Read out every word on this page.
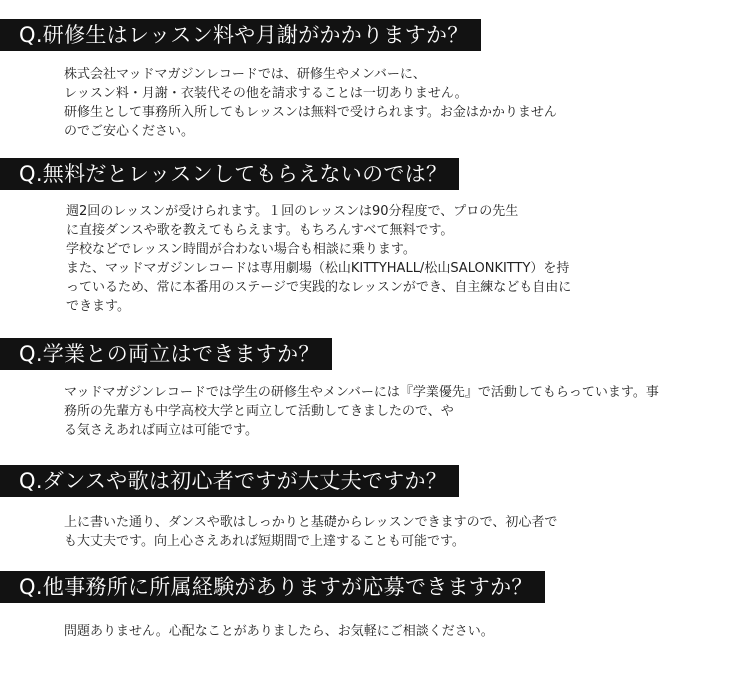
Q.研修生はレッスン料や月謝がかかりますか？

株式会社マッドマガジンレコードでは、研修生やメンバーに、
レッスン料・月謝・衣装代その他を請求することは一切ありません。
研修生として事務所入所してもレッスンは無料で受けられます。お金はかかりません
のでご安心ください。

Q.無料だとレッスンしてもらえないのでは？

週2回のレッスンが受けられます。１回のレッスンは90分程度で、プロの先生
に直接ダンスや歌を教えてもらえます。もちろんすべて無料です。
学校などでレッスン時間が合わない場合も相談に乗ります。
また、マッドマガジンレコードは専用劇場（松山KITTYHALL/松山SALONKITTY）を持
っているため、常に本番用のステージで実践的なレッスンができ、自主練なども自由に
できます。

Q.学業との両立はできますか？

マッドマガジンレコードでは学生の研修生やメンバーには『学業優先』で活動してもらっています。事務所の先輩方も中学高校大学と両立して活動してきましたので、や
る気さえあれば両立は可能です。

Q.ダンスや歌は初心者ですが大丈夫ですか？

上に書いた通り、ダンスや歌はしっかりと基礎からレッスンできますので、初心者で
も大丈夫です。向上心さえあれば短期間で上達することも可能です。

Q.他事務所に所属経験がありますが応募できますか？

問題ありません。心配なことがありましたら、お気軽にご相談ください。
